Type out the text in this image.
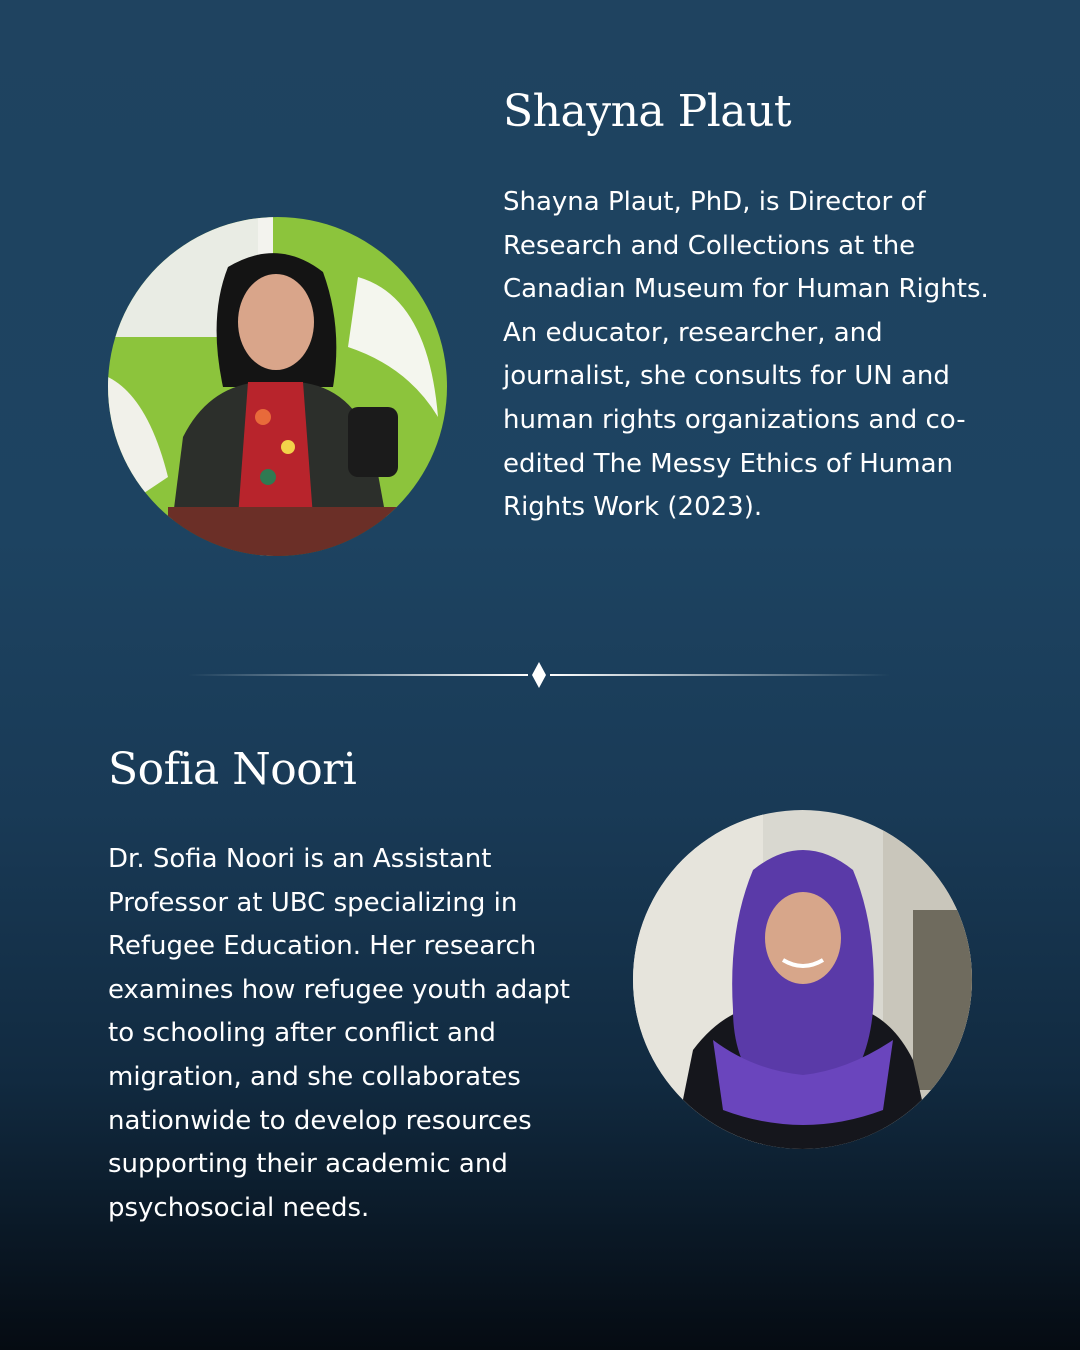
Shayna Plaut

Shayna Plaut, PhD, is Director of Research and Collections at the Canadian Museum for Human Rights. An educator, researcher, and journalist, she consults for UN and human rights organizations and co-edited The Messy Ethics of Human Rights Work (2023).

Sofia Noori

Dr. Sofia Noori is an Assistant Professor at UBC specializing in Refugee Education. Her research examines how refugee youth adapt to schooling after conflict and migration, and she collaborates nationwide to develop resources supporting their academic and psychosocial needs.
